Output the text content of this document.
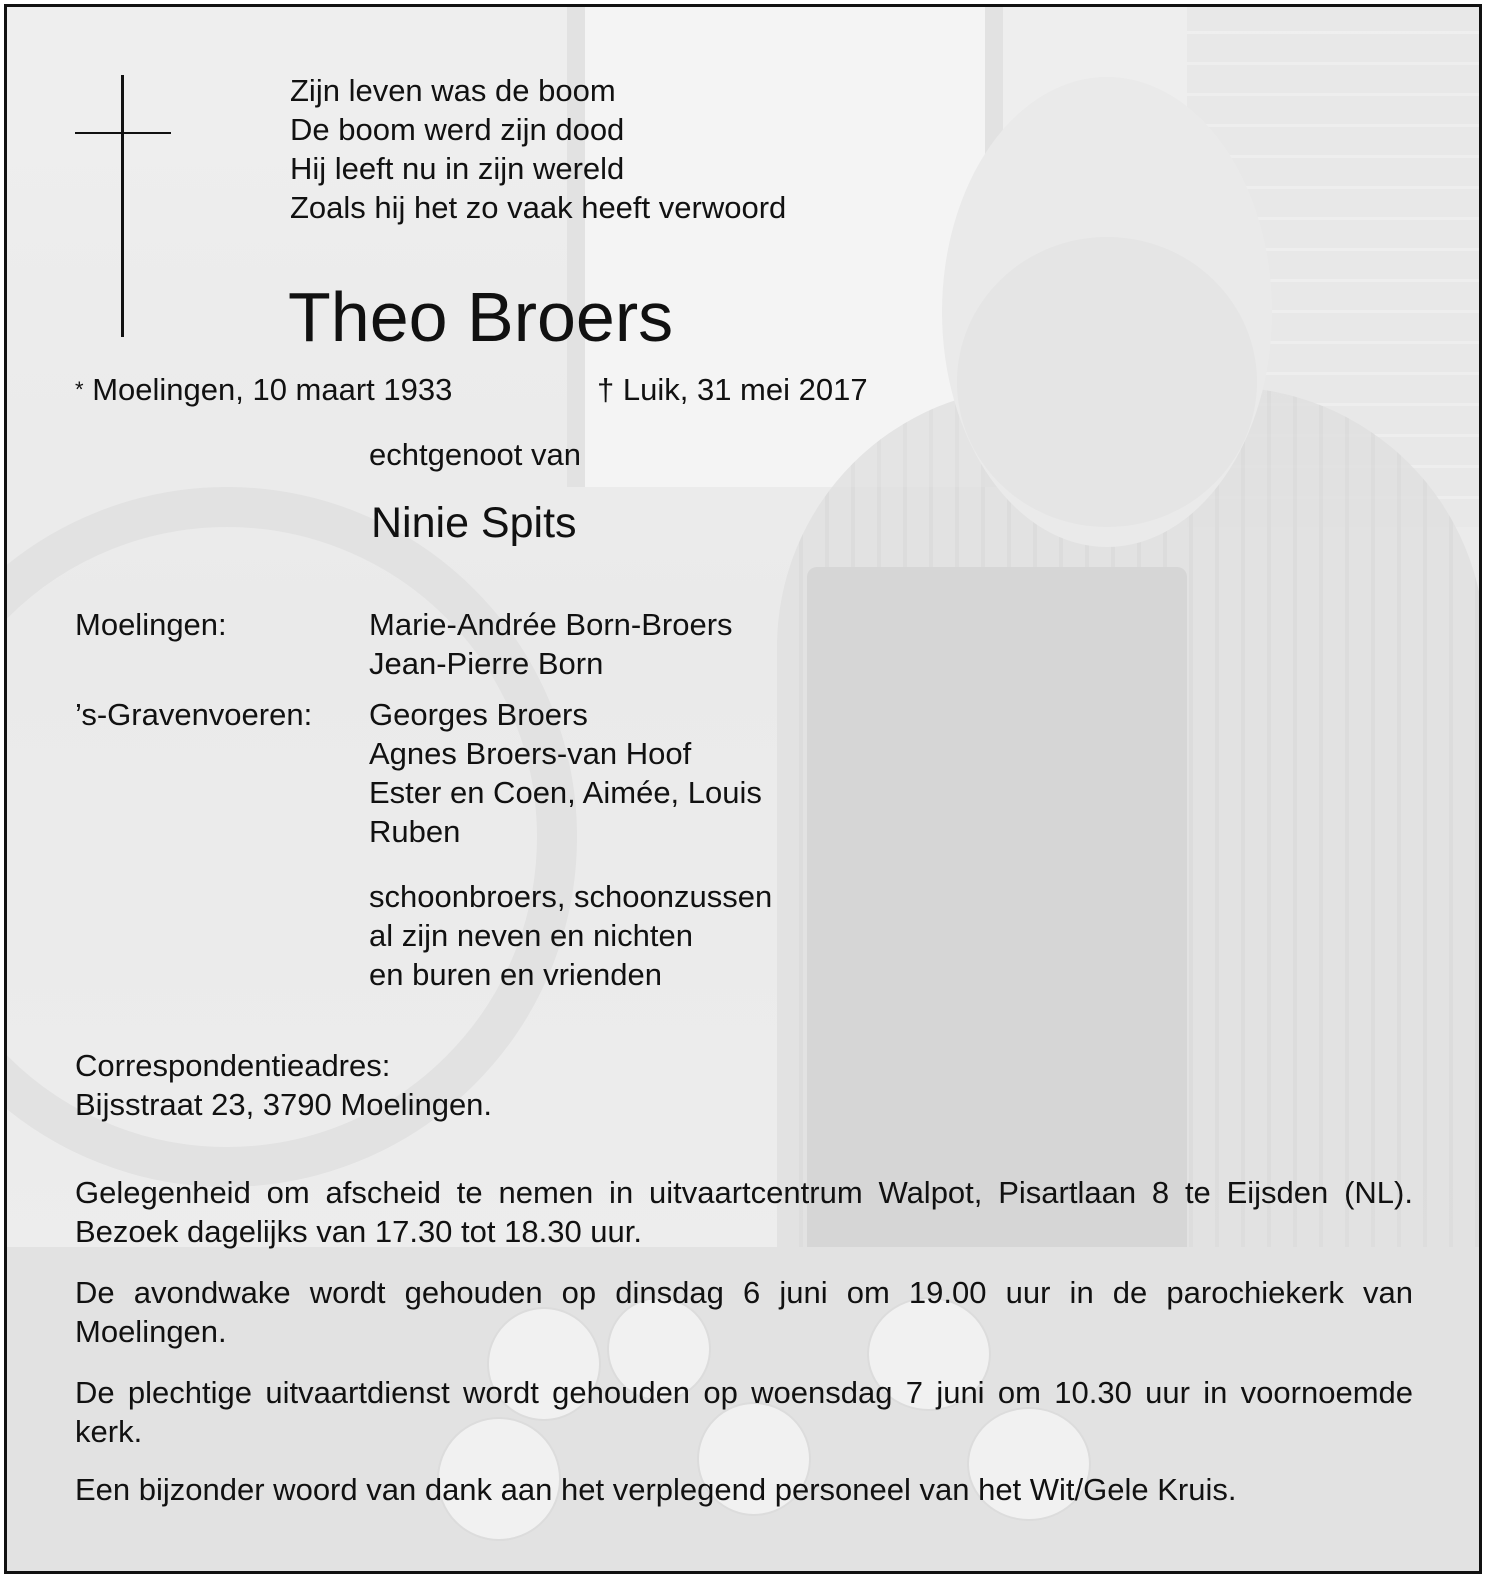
Zijn leven was de boom
De boom werd zijn dood
Hij leeft nu in zijn wereld
Zoals hij het zo vaak heeft verwoord
Theo Broers
* Moelingen, 10 maart 1933	† Luik, 31 mei 2017
echtgenoot van
Ninie Spits
Moelingen:	Marie-Andrée Born-Broers
Jean-Pierre Born
’s-Gravenvoeren: Georges Broers
Agnes Broers-van Hoof
Ester en Coen, Aimée, Louis
Ruben
schoonbroers, schoonzussen
al zijn neven en nichten
en buren en vrienden
Correspondentieadres:
Bijsstraat 23, 3790 Moelingen.

Gelegenheid om afscheid te nemen in uitvaartcentrum Walpot, Pisartlaan 8 te Eijsden (NL). Bezoek dagelijks van 17.30 tot 18.30 uur.

De avondwake wordt gehouden op dinsdag 6 juni om 19.00 uur in de parochiekerk van Moelingen.

De plechtige uitvaartdienst wordt gehouden op woensdag 7 juni om 10.30 uur in voornoemde kerk.

Een bijzonder woord van dank aan het verplegend personeel van het Wit/Gele Kruis.
